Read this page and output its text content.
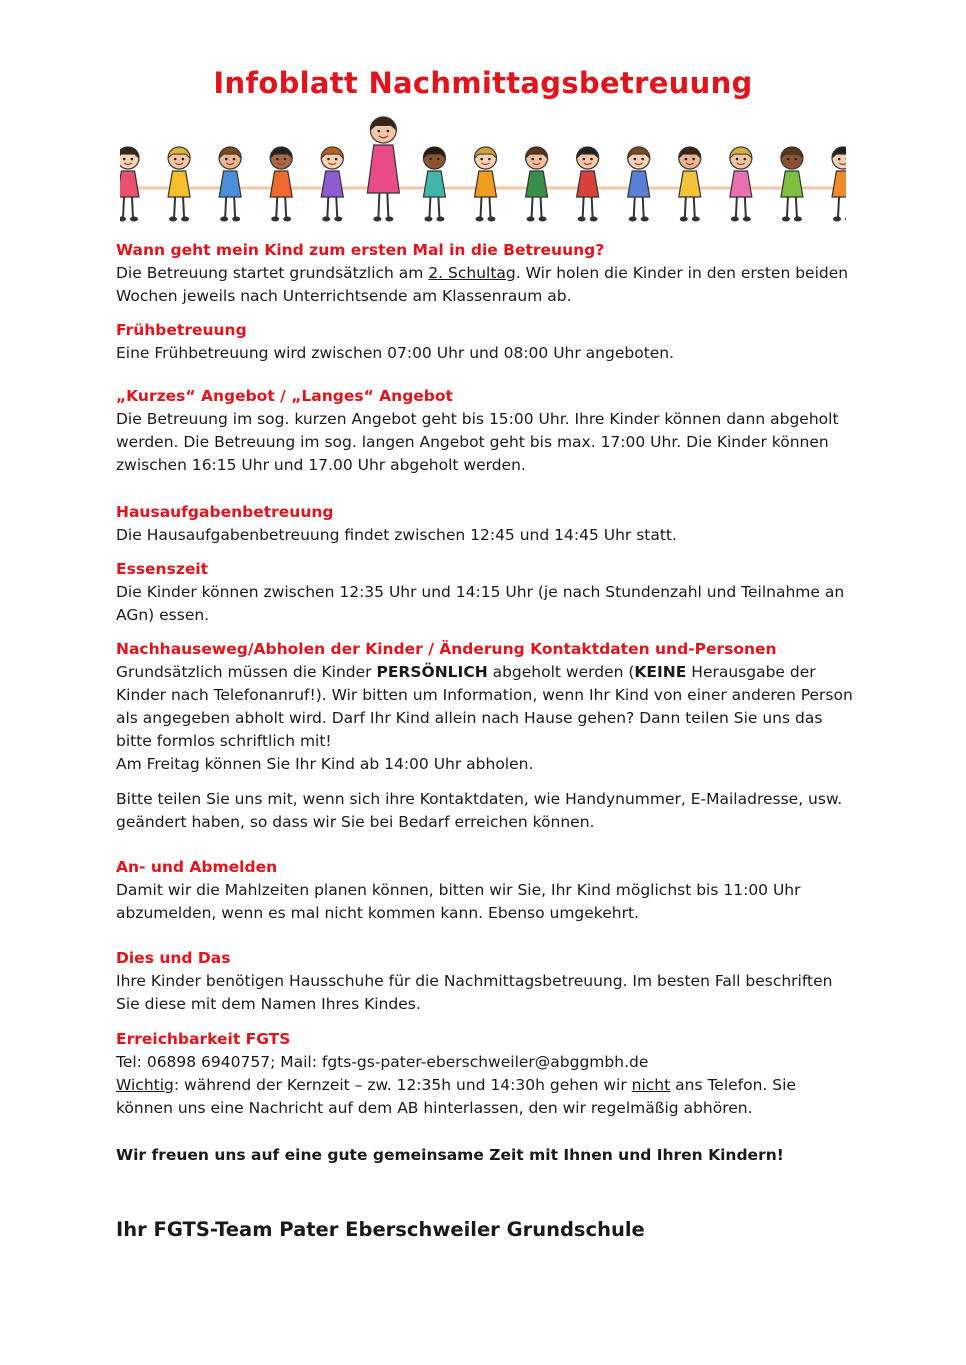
Infoblatt Nachmittagsbetreuung
Wann geht mein Kind zum ersten Mal in die Betreuung?
Die Betreuung startet grundsätzlich am 2. Schultag. Wir holen die Kinder in den ersten beiden Wochen jeweils nach Unterrichtsende am Klassenraum ab.
Frühbetreuung
Eine Frühbetreuung wird zwischen 07:00 Uhr und 08:00 Uhr angeboten.
„Kurzes“ Angebot / „Langes“ Angebot
Die Betreuung im sog. kurzen Angebot geht bis 15:00 Uhr. Ihre Kinder können dann abgeholt werden. Die Betreuung im sog. langen Angebot geht bis max. 17:00 Uhr. Die Kinder können zwischen 16:15 Uhr und 17.00 Uhr abgeholt werden.
Hausaufgabenbetreuung
Die Hausaufgabenbetreuung findet zwischen 12:45 und 14:45 Uhr statt.
Essenszeit
Die Kinder können zwischen 12:35 Uhr und 14:15 Uhr (je nach Stundenzahl und Teilnahme an AGn) essen.
Nachhauseweg/Abholen der Kinder / Änderung Kontaktdaten und-Personen
Grundsätzlich müssen die Kinder PERSÖNLICH abgeholt werden (KEINE Herausgabe der Kinder nach Telefonanruf!). Wir bitten um Information, wenn Ihr Kind von einer anderen Person als angegeben abholt wird. Darf Ihr Kind allein nach Hause gehen? Dann teilen Sie uns das bitte formlos schriftlich mit!
Am Freitag können Sie Ihr Kind ab 14:00 Uhr abholen.
Bitte teilen Sie uns mit, wenn sich ihre Kontaktdaten, wie Handynummer, E-Mailadresse, usw. geändert haben, so dass wir Sie bei Bedarf erreichen können.
An- und Abmelden
Damit wir die Mahlzeiten planen können, bitten wir Sie, Ihr Kind möglichst bis 11:00 Uhr abzumelden, wenn es mal nicht kommen kann. Ebenso umgekehrt.
Dies und Das
Ihre Kinder benötigen Hausschuhe für die Nachmittagsbetreuung. Im besten Fall beschriften Sie diese mit dem Namen Ihres Kindes.
Erreichbarkeit FGTS
Tel: 06898 6940757; Mail: fgts-gs-pater-eberschweiler@abggmbh.de
Wichtig: während der Kernzeit – zw. 12:35h und 14:30h gehen wir nicht ans Telefon. Sie können uns eine Nachricht auf dem AB hinterlassen, den wir regelmäßig abhören.
Wir freuen uns auf eine gute gemeinsame Zeit mit Ihnen und Ihren Kindern!
Ihr FGTS-Team Pater Eberschweiler Grundschule
